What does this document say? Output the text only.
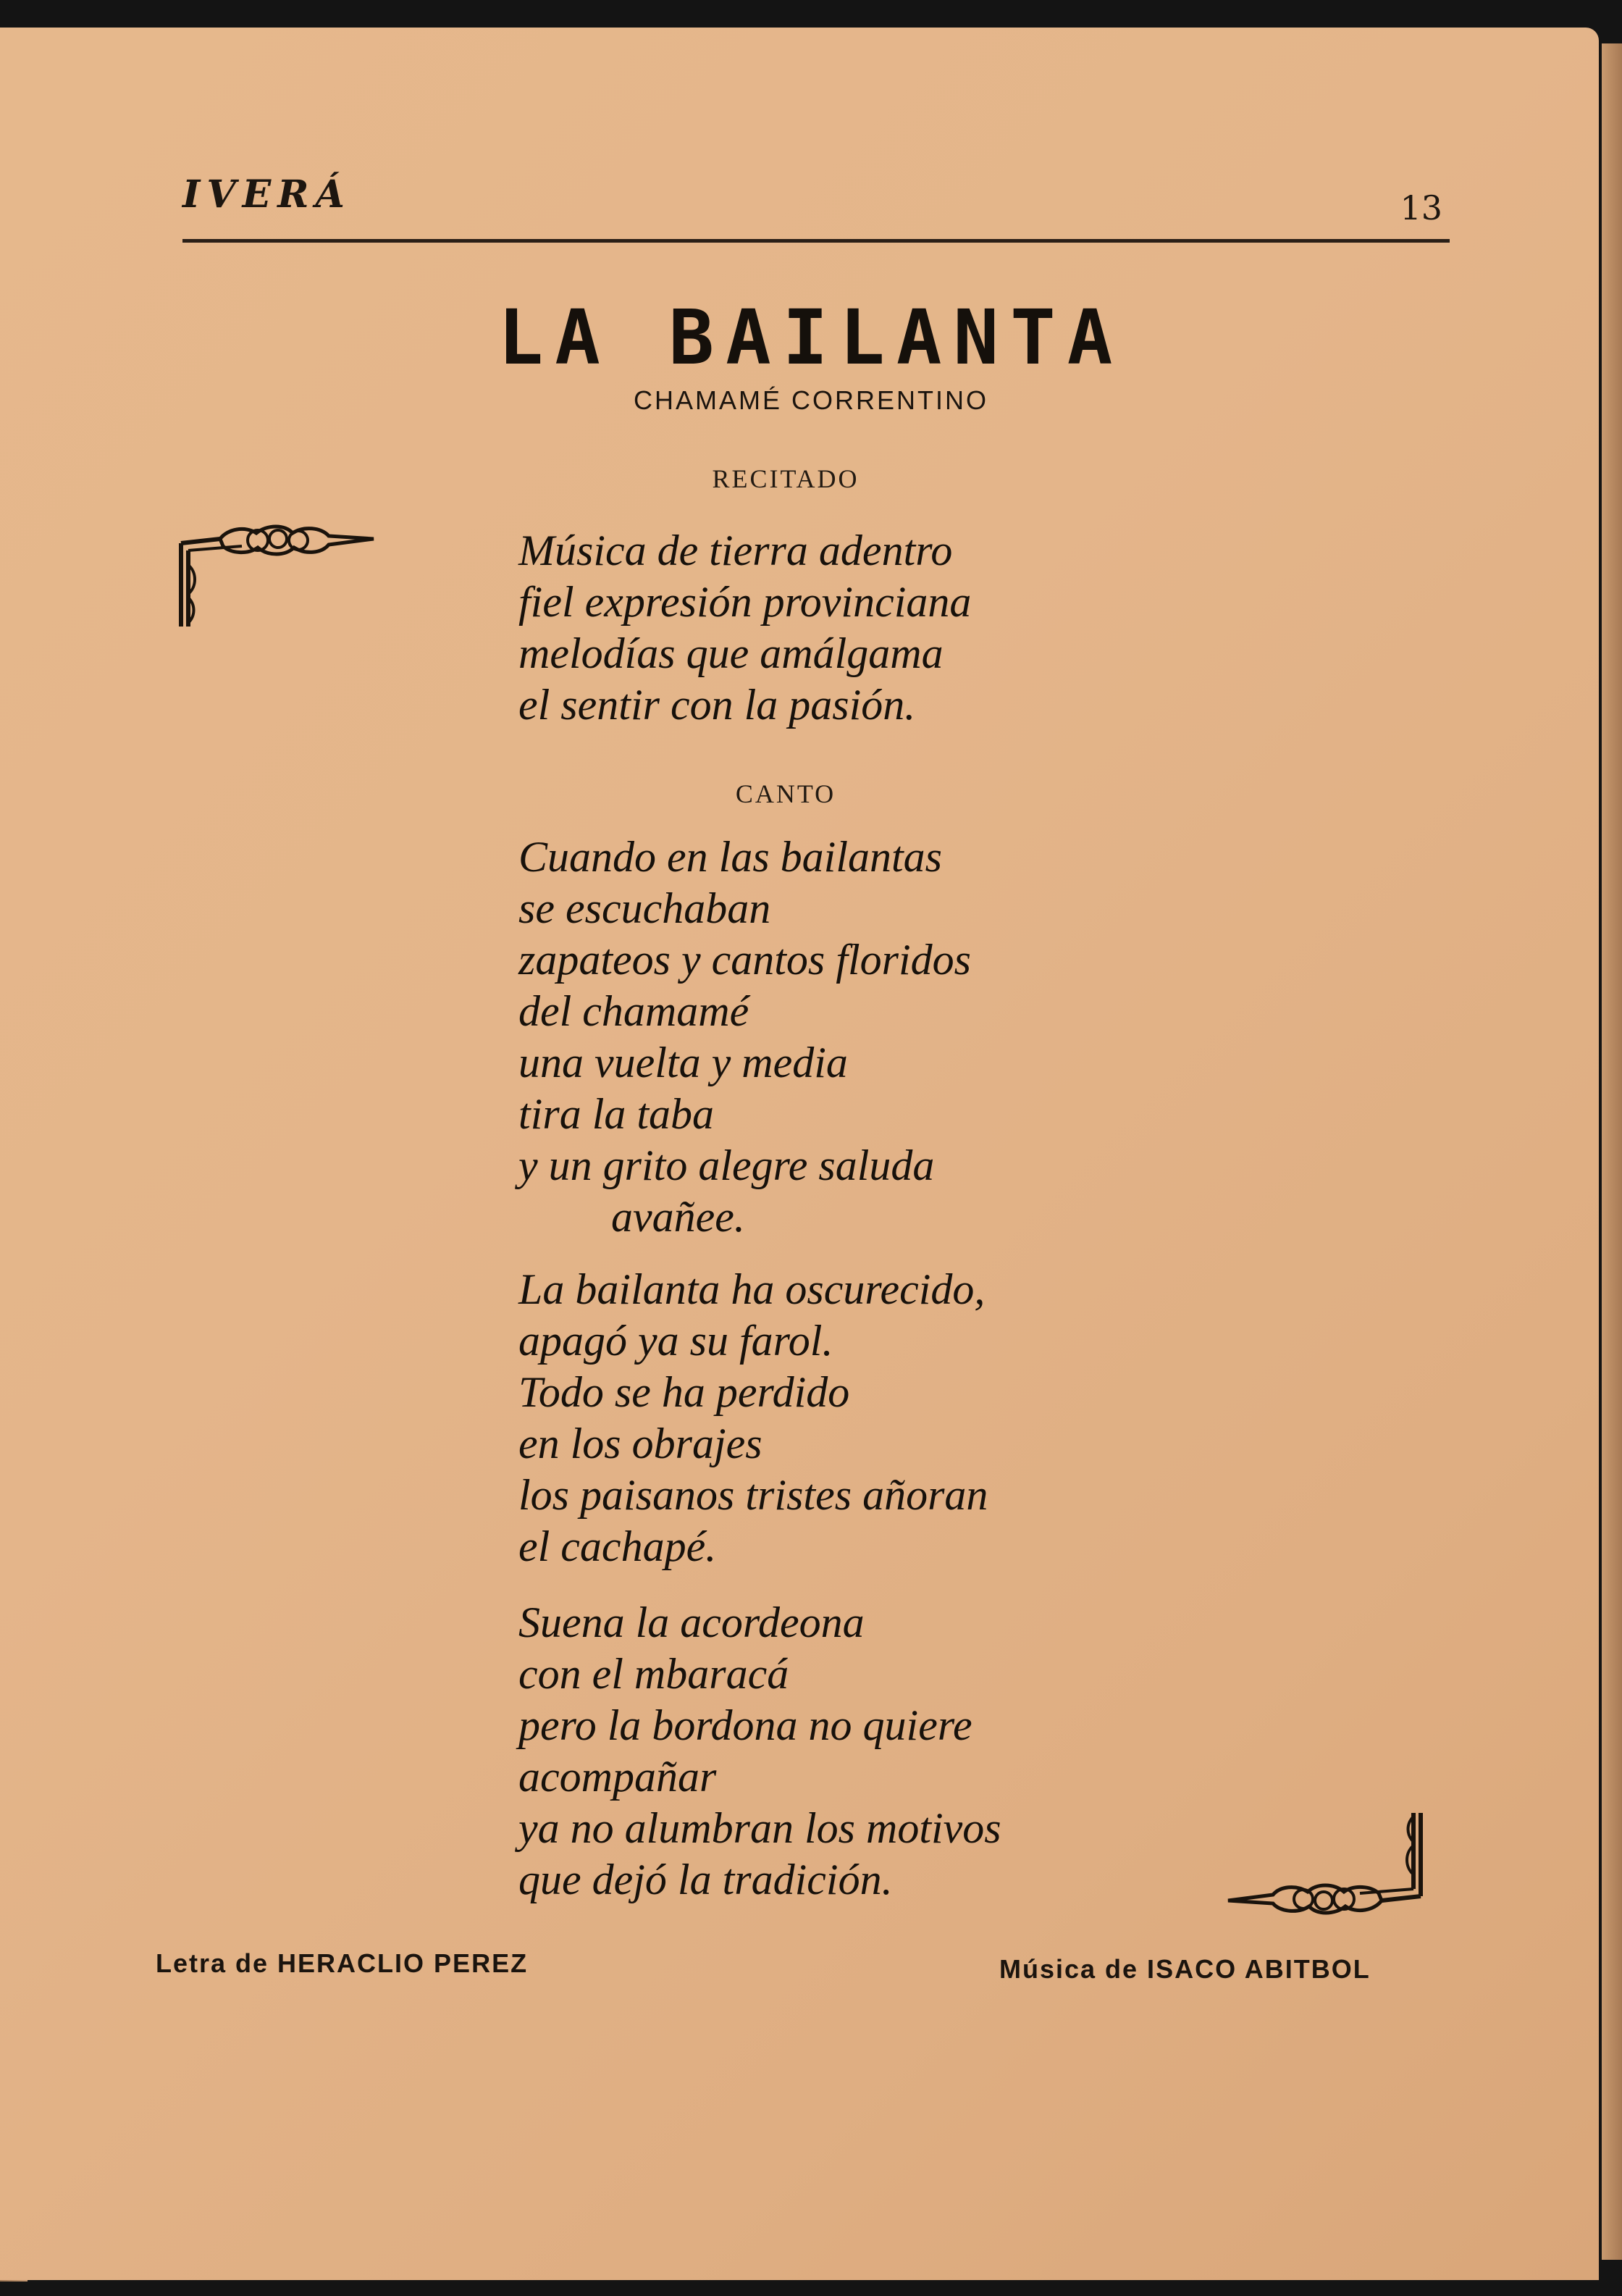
IVERÁ	13
LA BAILANTA
CHAMAMÉ CORRENTINO
RECITADO
Música de tierra adentro
fiel expresión provinciana
melodías que amálgama
el sentir con la pasión.
CANTO
Cuando en las bailantas
se escuchaban
zapateos y cantos floridos
del chamamé
una vuelta y media
tira la taba
y un grito alegre saluda
avañee.
La bailanta ha oscurecido,
apagó ya su farol.
Todo se ha perdido
en los obrajes
los paisanos tristes añoran
el cachapé.
Suena la acordeona
con el mbaracá
pero la bordona no quiere
acompañar
ya no alumbran los motivos
que dejó la tradición.
Letra de HERACLIO PEREZ	Música de ISACO ABITBOL
